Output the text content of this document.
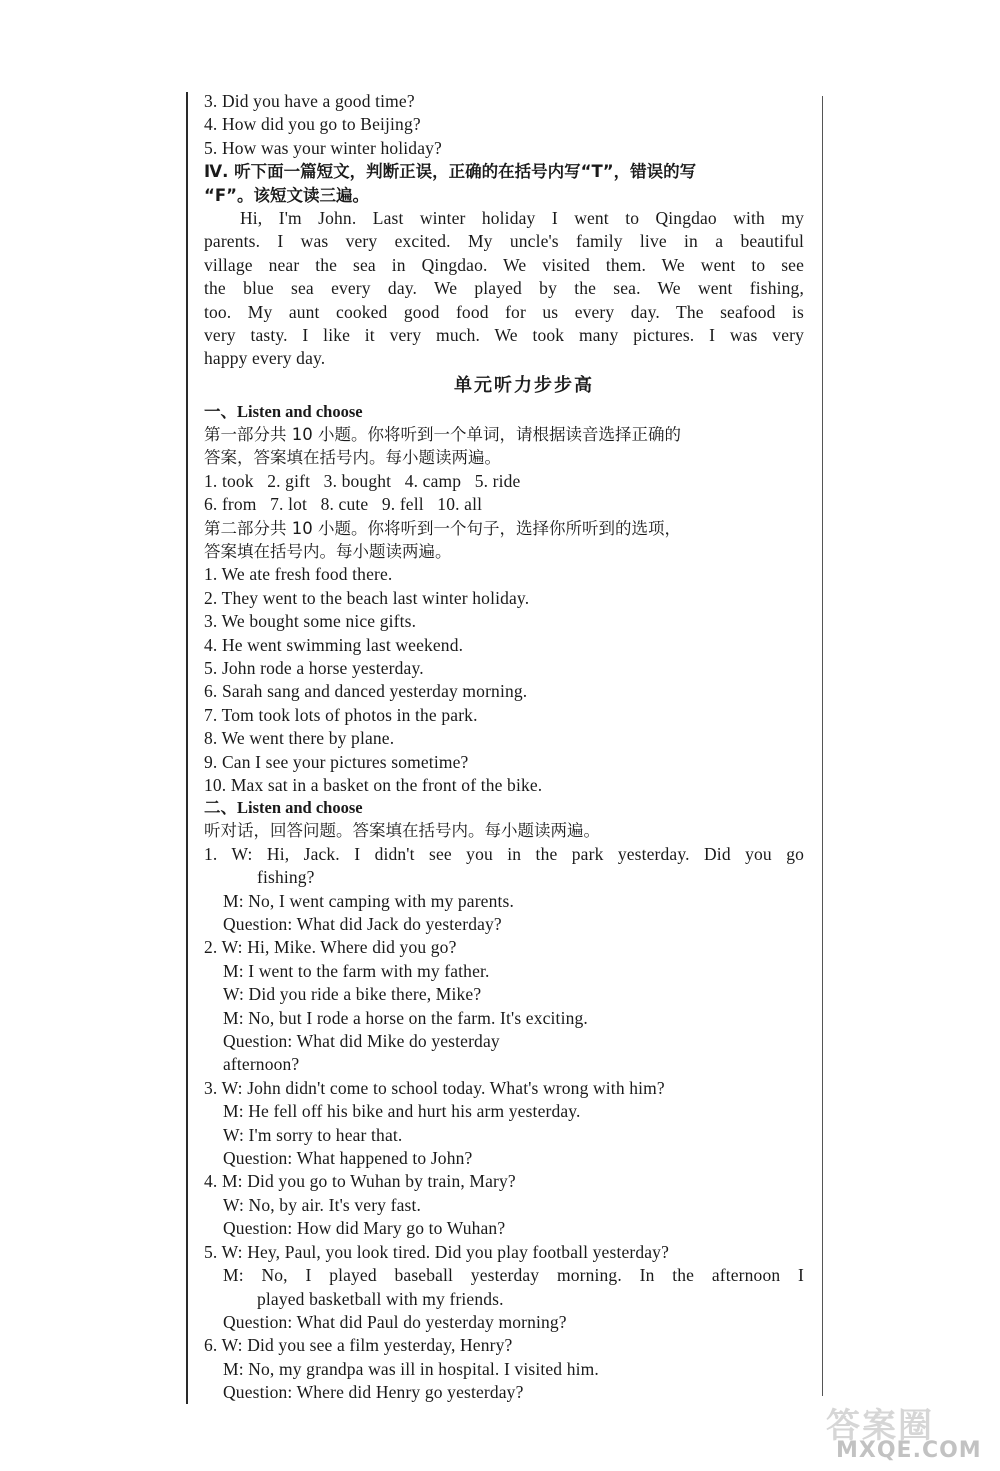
3. Did you have a good time?
4. How did you go to Beijing?
5. How was your winter holiday?
Ⅳ. 听下面一篇短文，判断正误，正确的在括号内写“T”，错误的写
“F”。该短文读三遍。
Hi, I'm John. Last winter holiday I went to Qingdao with my
parents. I was very excited. My uncle's family live in a beautiful
village near the sea in Qingdao. We visited them. We went to see
the blue sea every day. We played by the sea. We went fishing,
too. My aunt cooked good food for us every day. The seafood is
very tasty. I like it very much. We took many pictures. I was very
happy every day.
单元听力步步高
一、Listen and choose
第一部分共 10 小题。你将听到一个单词，请根据读音选择正确的
答案，答案填在括号内。每小题读两遍。
1. took   2. gift   3. bought   4. camp   5. ride
6. from   7. lot   8. cute   9. fell   10. all
第二部分共 10 小题。你将听到一个句子，选择你所听到的选项，
答案填在括号内。每小题读两遍。
1. We ate fresh food there.
2. They went to the beach last winter holiday.
3. We bought some nice gifts.
4. He went swimming last weekend.
5. John rode a horse yesterday.
6. Sarah sang and danced yesterday morning.
7. Tom took lots of photos in the park.
8. We went there by plane.
9. Can I see your pictures sometime?
10. Max sat in a basket on the front of the bike.
二、Listen and choose
听对话，回答问题。答案填在括号内。每小题读两遍。
1. W: Hi, Jack. I didn't see you in the park yesterday. Did you go
fishing?
M: No, I went camping with my parents.
Question: What did Jack do yesterday?
2. W: Hi, Mike. Where did you go?
M: I went to the farm with my father.
W: Did you ride a bike there, Mike?
M: No, but I rode a horse on the farm. It's exciting.
Question: What did Mike do yesterday
afternoon?
3. W: John didn't come to school today. What's wrong with him?
M: He fell off his bike and hurt his arm yesterday.
W: I'm sorry to hear that.
Question: What happened to John?
4. M: Did you go to Wuhan by train, Mary?
W: No, by air. It's very fast.
Question: How did Mary go to Wuhan?
5. W: Hey, Paul, you look tired. Did you play football yesterday?
M: No, I played baseball yesterday morning. In the afternoon I
played basketball with my friends.
Question: What did Paul do yesterday morning?
6. W: Did you see a film yesterday, Henry?
M: No, my grandpa was ill in hospital. I visited him.
Question: Where did Henry go yesterday?
答案圈
MXQE.COM
